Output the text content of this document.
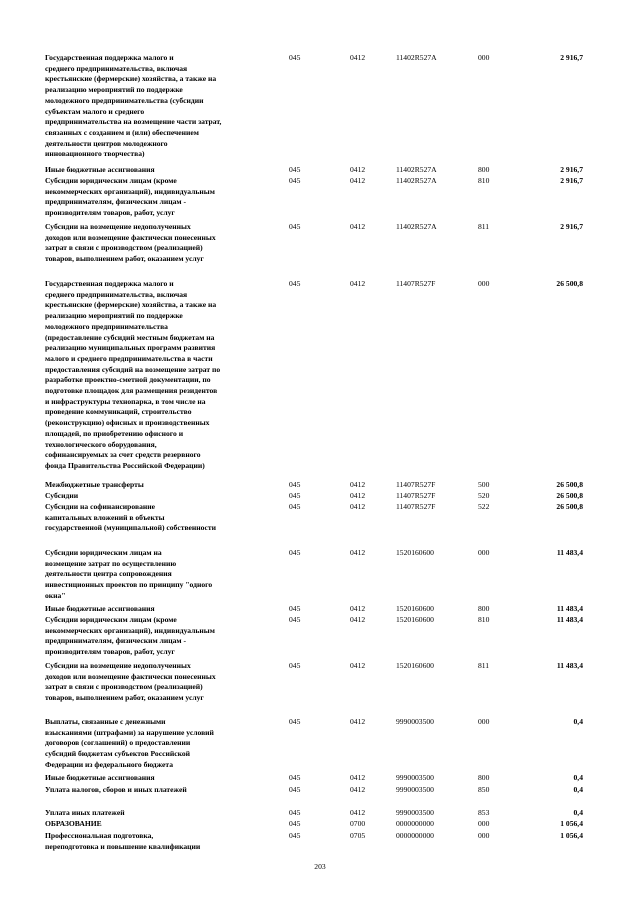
Государственная поддержка малого и
среднего предпринимательства, включая
крестьянские (фермерские) хозяйства, а также на
реализацию мероприятий по поддержке
молодежного предпринимательства (субсидии
субъектам малого и среднего
предпринимательства на возмещение части затрат,
связанных с созданием и (или) обеспечением
деятельности центров молодежного
инновационного творчества)
045	0412	11402R527A	000	2 916,7
Иные бюджетные ассигнования	045	0412	11402R527A	800	2 916,7
Субсидии юридическим лицам (кроме
некоммерческих организаций), индивидуальным
предпринимателям, физическим лицам -
производителям товаров, работ, услуг
045	0412	11402R527A	810	2 916,7
Субсидии на возмещение недополученных
доходов или возмещение фактически понесенных
затрат в связи с производством (реализацией)
товаров, выполнением работ, оказанием услуг
045	0412	11402R527A	811	2 916,7
Государственная поддержка малого и
среднего предпринимательства, включая
крестьянские (фермерские) хозяйства, а также на
реализацию мероприятий по поддержке
молодежного предпринимательства
(предоставление субсидий местным бюджетам на
реализацию муниципальных программ развития
малого и среднего предпринимательства в части
предоставления субсидий на возмещение затрат по
разработке проектно-сметной документации, по
подготовке площадок для размещения резидентов
и инфраструктуры технопарка, в том числе на
проведение коммуникаций, строительство
(реконструкцию) офисных и производственных
площадей, по приобретению офисного и
технологического оборудования,
софинансируемых за счет средств резервного
фонда Правительства Российской Федерации)
045	0412	11407R527F	000	26 500,8
Межбюджетные трансферты	045	0412	11407R527F	500	26 500,8
Субсидии	045	0412	11407R527F	520	26 500,8
Субсидии на софинансирование
капитальных вложений в объекты
государственной (муниципальной) собственности
045	0412	11407R527F	522	26 500,8
Субсидии юридическим лицам на
возмещение затрат по осуществлению
деятельности центра сопровождения
инвестиционных проектов по принципу "одного
окна"
045	0412	1520160600	000	11 483,4
Иные бюджетные ассигнования	045	0412	1520160600	800	11 483,4
Субсидии юридическим лицам (кроме
некоммерческих организаций), индивидуальным
предпринимателям, физическим лицам -
производителям товаров, работ, услуг
045	0412	1520160600	810	11 483,4
Субсидии на возмещение недополученных
доходов или возмещение фактически понесенных
затрат в связи с производством (реализацией)
товаров, выполнением работ, оказанием услуг
045	0412	1520160600	811	11 483,4
Выплаты, связанные с денежными
взысканиями (штрафами) за нарушение условий
договоров (соглашений) о предоставлении
субсидий бюджетам субъектов Российской
Федерации из федерального бюджета
045	0412	9990003500	000	0,4
Иные бюджетные ассигнования	045	0412	9990003500	800	0,4
Уплата налогов, сборов и иных платежей	045	0412	9990003500	850	0,4
Уплата иных платежей	045	0412	9990003500	853	0,4
ОБРАЗОВАНИЕ	045	0700	0000000000	000	1 056,4
Профессиональная подготовка,
переподготовка и повышение квалификации
045	0705	0000000000	000	1 056,4
203
